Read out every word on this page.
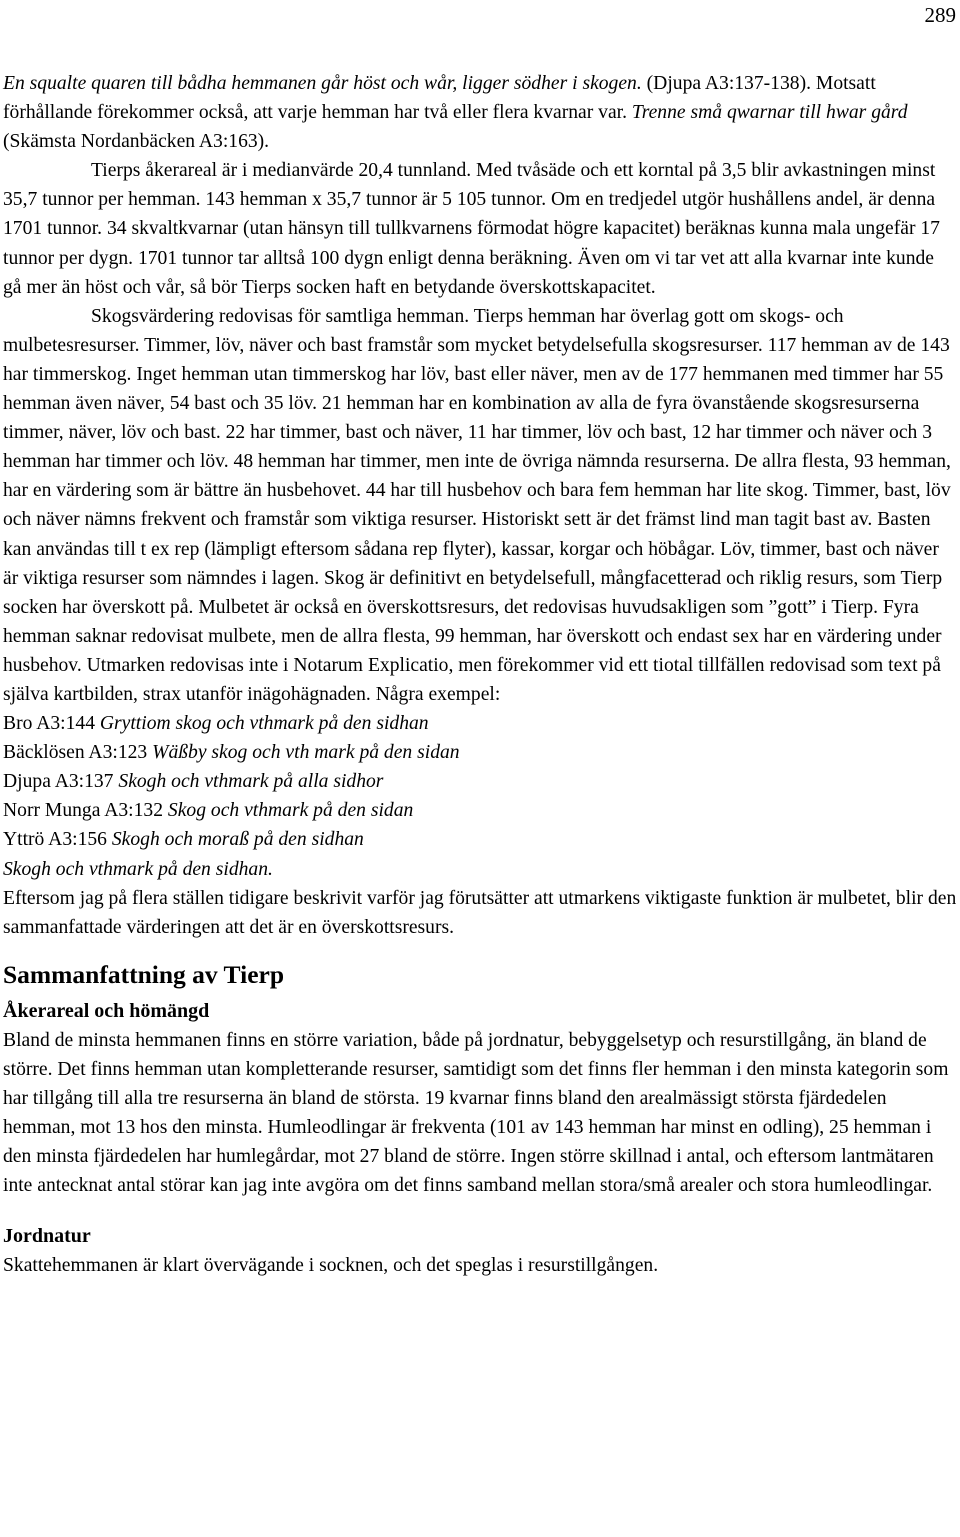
289

En squalte quaren till bådha hemmanen går höst och wår, ligger södher i skogen. (Djupa A3:137-138). Motsatt förhållande förekommer också, att varje hemman har två eller flera kvarnar var. Trenne små qwarnar till hwar gård (Skämsta Nordanbäcken A3:163).

Tierps åkerareal är i medianvärde 20,4 tunnland. Med tvåsäde och ett korntal på 3,5 blir avkastningen minst 35,7 tunnor per hemman. 143 hemman x 35,7 tunnor är 5 105 tunnor. Om en tredjedel utgör hushållens andel, är denna 1701 tunnor. 34 skvaltkvarnar (utan hänsyn till tullkvarnens förmodat högre kapacitet) beräknas kunna mala ungefär 17 tunnor per dygn. 1701 tunnor tar alltså 100 dygn enligt denna beräkning. Även om vi tar vet att alla kvarnar inte kunde gå mer än höst och vår, så bör Tierps socken haft en betydande överskottskapacitet.

Skogsvärdering redovisas för samtliga hemman. Tierps hemman har överlag gott om skogs- och mulbetesresurser. Timmer, löv, näver och bast framstår som mycket betydelsefulla skogsresurser. 117 hemman av de 143 har timmerskog. Inget hemman utan timmerskog har löv, bast eller näver, men av de 177 hemmanen med timmer har 55 hemman även näver, 54 bast och 35 löv. 21 hemman har en kombination av alla de fyra övanstående skogsresurserna timmer, näver, löv och bast. 22 har timmer, bast och näver, 11 har timmer, löv och bast, 12 har timmer och näver och 3 hemman har timmer och löv. 48 hemman har timmer, men inte de övriga nämnda resurserna. De allra flesta, 93 hemman, har en värdering som är bättre än husbehovet. 44 har till husbehov och bara fem hemman har lite skog. Timmer, bast, löv och näver nämns frekvent och framstår som viktiga resurser. Historiskt sett är det främst lind man tagit bast av. Basten kan användas till t ex rep (lämpligt eftersom sådana rep flyter), kassar, korgar och höbågar. Löv, timmer, bast och näver är viktiga resurser som nämndes i lagen. Skog är definitivt en betydelsefull, mångfacetterad och riklig resurs, som Tierp socken har överskott på. Mulbetet är också en överskottsresurs, det redovisas huvudsakligen som ”gott” i Tierp. Fyra hemman saknar redovisat mulbete, men de allra flesta, 99 hemman, har överskott och endast sex har en värdering under husbehov. Utmarken redovisas inte i Notarum Explicatio, men förekommer vid ett tiotal tillfällen redovisad som text på själva kartbilden, strax utanför inägohägnaden. Några exempel:

Bro A3:144 Gryttiom skog och vthmark på den sidhan

Bäcklösen A3:123 Wäßby skog och vth mark på den sidan

Djupa A3:137 Skogh och vthmark på alla sidhor

Norr Munga A3:132 Skog och vthmark på den sidan

Yttrö A3:156 Skogh och moraß på den sidhan

Skogh och vthmark på den sidhan.

Eftersom jag på flera ställen tidigare beskrivit varför jag förutsätter att utmarkens viktigaste funktion är mulbetet, blir den sammanfattade värderingen att det är en överskottsresurs.

Sammanfattning av Tierp
Åkerareal och hömängd

Bland de minsta hemmanen finns en större variation, både på jordnatur, bebyggelsetyp och resurstillgång, än bland de större. Det finns hemman utan kompletterande resurser, samtidigt som det finns fler hemman i den minsta kategorin som har tillgång till alla tre resurserna än bland de största. 19 kvarnar finns bland den arealmässigt största fjärdedelen hemman, mot 13 hos den minsta. Humleodlingar är frekventa (101 av 143 hemman har minst en odling), 25 hemman i den minsta fjärdedelen har humlegårdar, mot 27 bland de större. Ingen större skillnad i antal, och eftersom lantmätaren inte antecknat antal störar kan jag inte avgöra om det finns samband mellan stora/små arealer och stora humleodlingar.

Jordnatur

Skattehemmanen är klart övervägande i socknen, och det speglas i resurstillgången.
